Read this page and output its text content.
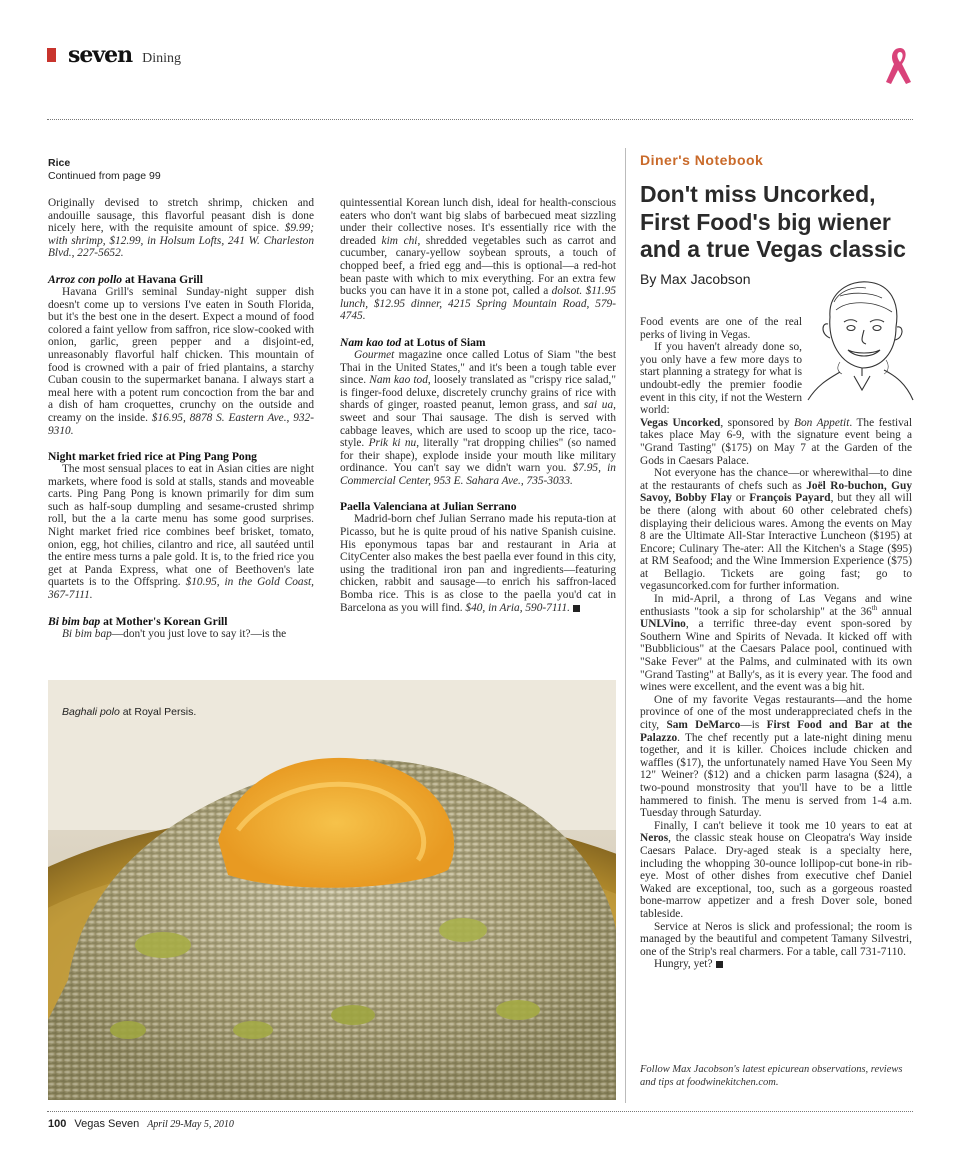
seven Dining
Rice
Continued from page 99

Originally devised to stretch shrimp, chicken and andouille sausage, this flavorful peasant dish is done nicely here, with the requisite amount of spice. $9.99; with shrimp, $12.99, in Holsum Lofts, 241 W. Charleston Blvd., 227-5652.

Arroz con pollo at Havana Grill

Havana Grill's seminal Sunday-night supper dish doesn't come up to versions I've eaten in South Florida, but it's the best one in the desert. Expect a mound of food colored a faint yellow from saffron, rice slow-cooked with onion, garlic, green pepper and a disjoint-ed, unreasonably flavorful half chicken. This mountain of food is crowned with a pair of fried plantains, a starchy Cuban cousin to the supermarket banana. I always start a meal here with a potent rum concoction from the bar and a dish of ham croquettes, crunchy on the outside and creamy on the inside. $16.95, 8878 S. Eastern Ave., 932-9310.

Night market fried rice at Ping Pang Pong

The most sensual places to eat in Asian cities are night markets, where food is sold at stalls, stands and moveable carts. Ping Pang Pong is known primarily for dim sum such as half-soup dumpling and sesame-crusted shrimp roll, but the a la carte menu has some good surprises. Night market fried rice combines beef brisket, tomato, onion, egg, hot chilies, cilantro and rice, all sautéed until the entire mess turns a pale gold. It is, to the fried rice you get at Panda Express, what one of Beethoven's late quartets is to the Offspring. $10.95, in the Gold Coast, 367-7111.

Bi bim bap at Mother's Korean Grill

Bi bim bap—don't you just love to say it?—is the

quintessential Korean lunch dish, ideal for health-conscious eaters who don't want big slabs of barbecued meat sizzling under their collective noses. It's essentially rice with the dreaded kim chi, shredded vegetables such as carrot and cucumber, canary-yellow soybean sprouts, a touch of chopped beef, a fried egg and—this is optional—a red-hot bean paste with which to mix everything. For an extra few bucks you can have it in a stone pot, called a dolsot. $11.95 lunch, $12.95 dinner, 4215 Spring Mountain Road, 579-4745.

Nam kao tod at Lotus of Siam

Gourmet magazine once called Lotus of Siam "the best Thai in the United States," and it's been a tough table ever since. Nam kao tod, loosely translated as "crispy rice salad," is finger-food deluxe, discretely crunchy grains of rice with shards of ginger, roasted peanut, lemon grass, and sai ua, sweet and sour Thai sausage. The dish is served with cabbage leaves, which are used to scoop up the rice, taco-style. Prik ki nu, literally "rat dropping chilies" (so named for their shape), explode inside your mouth like military ordinance. You can't say we didn't warn you. $7.95, in Commercial Center, 953 E. Sahara Ave., 735-3033.

Paella Valenciana at Julian Serrano

Madrid-born chef Julian Serrano made his reputa-tion at Picasso, but he is quite proud of his native Spanish cuisine. His eponymous tapas bar and restaurant in Aria at CityCenter also makes the best paella ever found in this city, using the traditional iron pan and ingredients—featuring chicken, rabbit and sausage—to enrich his saffron-laced Bomba rice. This is as close to the paella you'd cat in Barcelona as you will find. $40, in Aria, 590-7111.

Baghali polo at Royal Persis.
Diner's Notebook
Don't miss Uncorked, First Food's big wiener and a true Vegas classic
By Max Jacobson

Food events are one of the real perks of living in Vegas.

If you haven't already done so, you only have a few more days to start planning a strategy for what is undoubt-edly the premier foodie event in this city, if not the Western world:

Vegas Uncorked, sponsored by Bon Appetit. The festival takes place May 6-9, with the signature event being a "Grand Tasting" ($175) on May 7 at the Garden of the Gods in Caesars Palace.

Not everyone has the chance—or wherewithal—to dine at the restaurants of chefs such as Joël Ro-buchon, Guy Savoy, Bobby Flay or François Payard, but they all will be there (along with about 60 other celebrated chefs) displaying their delicious wares. Among the events on May 8 are the Ultimate All-Star Interactive Luncheon ($195) at Encore; Culinary The-ater: All the Kitchen's a Stage ($95) at RM Seafood; and the Wine Immersion Experience ($75) at Bellagio. Tickets are going fast; go to vegasuncorked.com for further information.

In mid-April, a throng of Las Vegans and wine enthusiasts "took a sip for scholarship" at the 36th annual UNLVino, a terrific three-day event spon-sored by Southern Wine and Spirits of Nevada. It kicked off with "Bubblicious" at the Caesars Palace pool, continued with "Sake Fever" at the Palms, and culminated with its own "Grand Tasting" at Bally's, as it is every year. The food and wines were excellent, and the event was a big hit.

One of my favorite Vegas restaurants—and the home province of one of the most underappreciated chefs in the city, Sam DeMarco—is First Food and Bar at the Palazzo. The chef recently put a late-night dining menu together, and it is killer. Choices include chicken and waffles ($17), the unfortunately named Have You Seen My 12" Weiner? ($12) and a chicken parm lasagna ($24), a two-pound monstrosity that you'll have to be a little hammered to finish. The menu is served from 1-4 a.m. Tuesday through Saturday.

Finally, I can't believe it took me 10 years to eat at Neros, the classic steak house on Cleopatra's Way inside Caesars Palace. Dry-aged steak is a specialty here, including the whopping 30-ounce lollipop-cut bone-in rib-eye. Most of other dishes from executive chef Daniel Waked are exceptional, too, such as a gorgeous roasted bone-marrow appetizer and a fresh Dover sole, boned tableside.

Service at Neros is slick and professional; the room is managed by the beautiful and competent Tamany Silvestri, one of the Strip's real charmers. For a table, call 731-7110.

Hungry, yet?

Follow Max Jacobson's latest epicurean observations, reviews and tips at foodwinekitchen.com.
100 Vegas Seven April 29-May 5, 2010
